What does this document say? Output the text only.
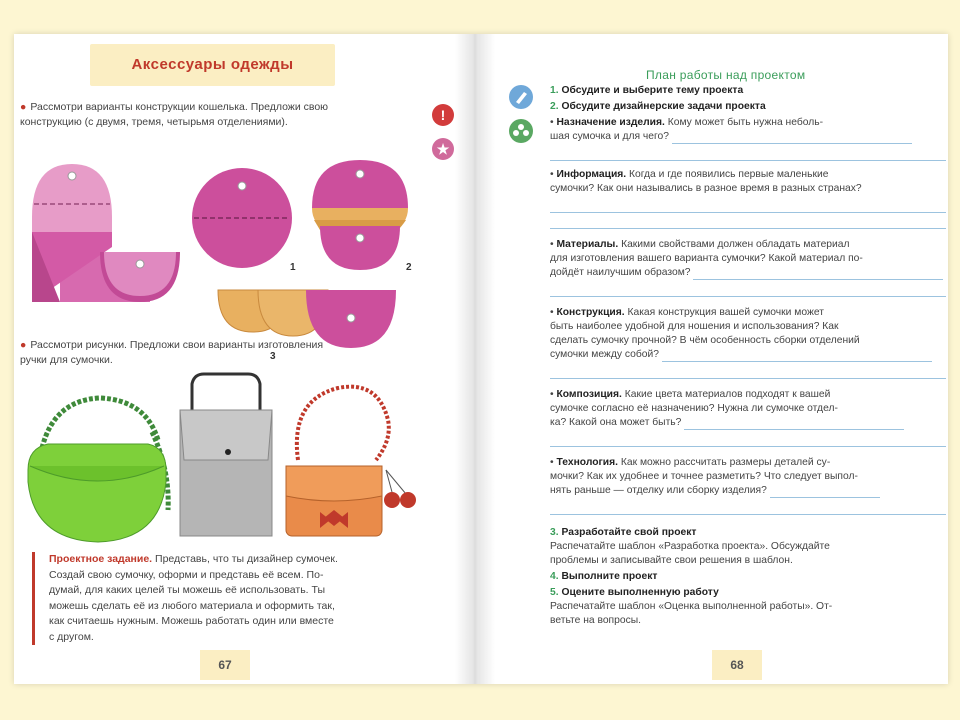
Аксессуары одежды
● Рассмотри варианты конструкции кошелька. Предложи свою
конструкцию (с двумя, тремя, четырьмя отделениями).	!
★
1	2
3
● Рассмотри рисунки. Предложи свои варианты изготовления
ручки для сумочки.
Проектное задание. Представь, что ты дизайнер сумочек.
Создай свою сумочку, оформи и представь её всем. По-
думай, для каких целей ты можешь её использовать. Ты
можешь сделать её из любого материала и оформить так,
как считаешь нужным. Можешь работать один или вместе
с другом.
67
План работы над проектом
1. Обсудите и выберите тему проекта
2. Обсудите дизайнерские задачи проекта
• Назначение изделия. Кому может быть нужна неболь-
шая сумочка и для чего?
• Информация. Когда и где появились первые маленькие
сумочки? Как они назывались в разное время в разных странах?
• Материалы. Какими свойствами должен обладать материал
для изготовления вашего варианта сумочки? Какой материал по-
дойдёт наилучшим образом?
• Конструкция. Какая конструкция вашей сумочки может
быть наиболее удобной для ношения и использования? Как
сделать сумочку прочной? В чём особенность сборки отделений
сумочки между собой?
• Композиция. Какие цвета материалов подходят к вашей
сумочке согласно её назначению? Нужна ли сумочке отдел-
ка? Какой она может быть?
• Технология. Как можно рассчитать размеры деталей су-
мочки? Как их удобнее и точнее разметить? Что следует выпол-
нять раньше — отделку или сборку изделия?
3. Разработайте свой проект
Распечатайте шаблон «Разработка проекта». Обсуждайте
проблемы и записывайте свои решения в шаблон.
4. Выполните проект
5. Оцените выполненную работу
Распечатайте шаблон «Оценка выполненной работы». От-
ветьте на вопросы.
68
